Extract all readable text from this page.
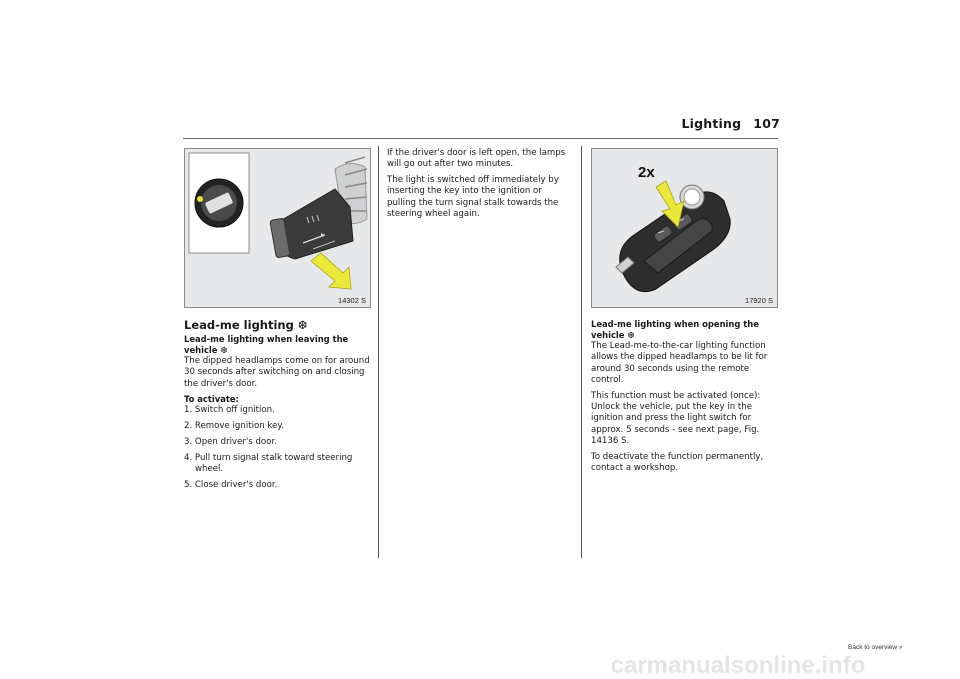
Lighting 107
14302 S
2x
17920 S
Lead-me lighting ❆
Lead-me lighting when leaving the vehicle ❆

The dipped headlamps come on for around 30 seconds after switching on and closing the driver's door.

To activate:
1. Switch off ignition.
2. Remove ignition key.
3. Open driver's door.
4. Pull turn signal stalk toward steering wheel.
5. Close driver's door.

If the driver's door is left open, the lamps will go out after two minutes.

The light is switched off immediately by inserting the key into the ignition or pulling the turn signal stalk towards the steering wheel again.

Lead-me lighting when opening the vehicle ❆

The Lead-me-to-the-car lighting function allows the dipped headlamps to be lit for around 30 seconds using the remote control.

This function must be activated (once): Unlock the vehicle, put the key in the ignition and press the light switch for approx. 5 seconds - see next page, Fig. 14136 S.

To deactivate the function permanently, contact a workshop.

Back to overview »
carmanualsonline.info
